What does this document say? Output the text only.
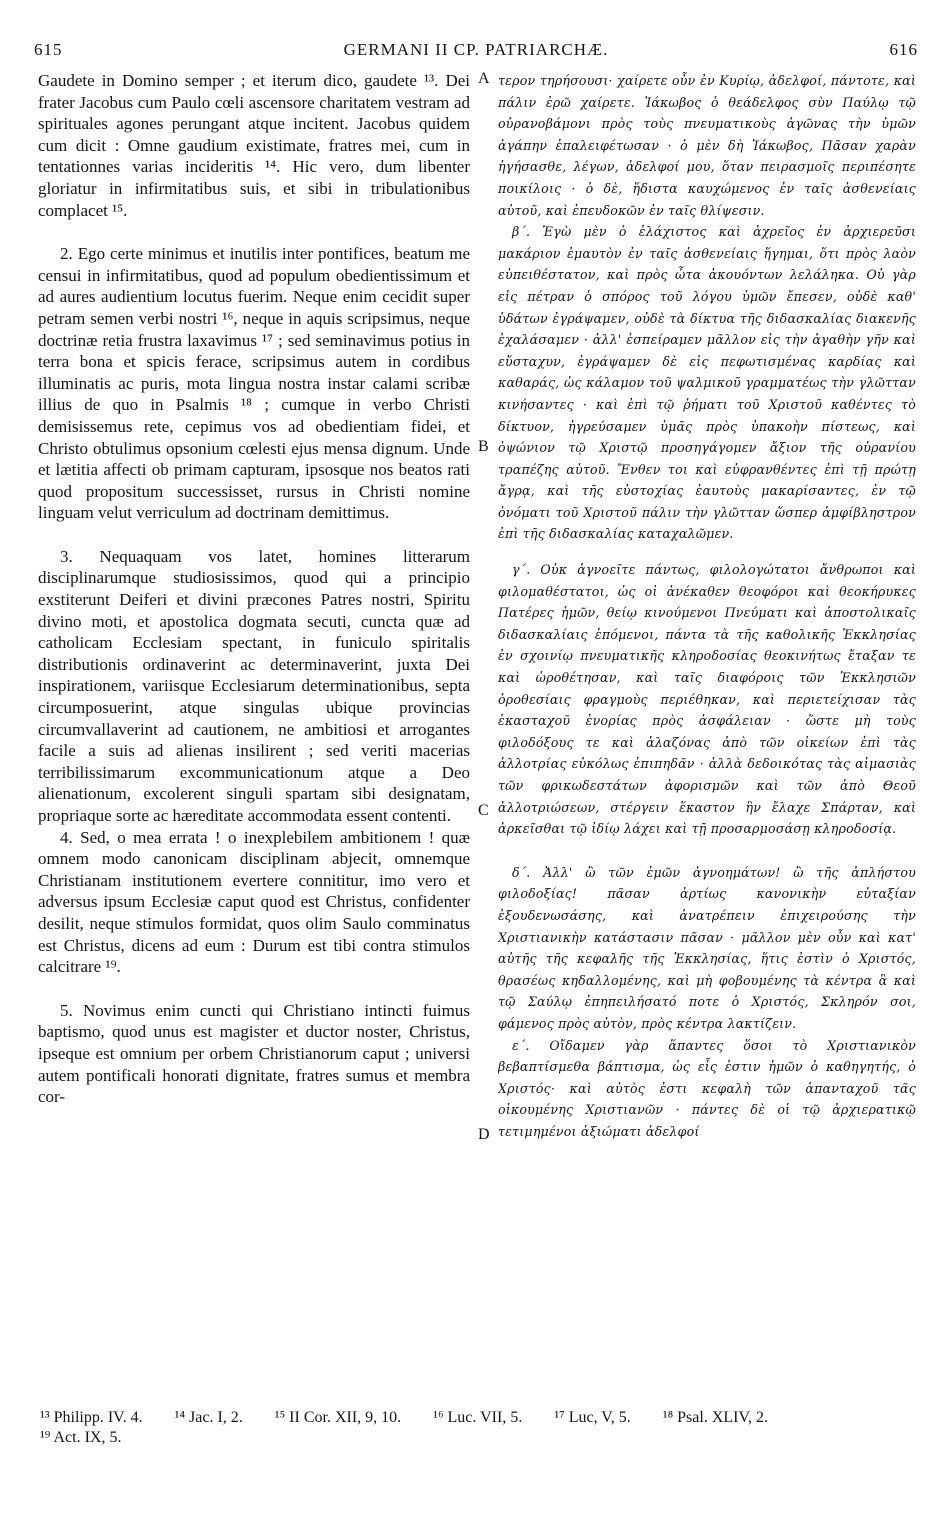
615	GERMANI II CP. PATRIARCHÆ.	616

Gaudete in Domino semper ; et iterum dico, gaudete ¹³. Dei frater Jacobus cum Paulo cœli ascensore charitatem vestram ad spirituales agones perungant atque incitent. Jacobus quidem cum dicit : Omne gaudium existimate, fratres mei, cum in tentationnes varias incideritis ¹⁴. Hic vero, dum libenter gloriatur in infirmitatibus suis, et sibi in tribulationibus complacet ¹⁵.

2. Ego certe minimus et inutilis inter pontifices, beatum me censui in infirmitatibus, quod ad populum obedientissimum et ad aures audientium locutus fuerim. Neque enim cecidit super petram semen verbi nostri ¹⁶, neque in aquis scripsimus, neque doctrinæ retia frustra laxavimus ¹⁷ ; sed seminavimus potius in terra bona et spicis ferace, scripsimus autem in cordibus illuminatis ac puris, mota lingua nostra instar calami scribæ illius de quo in Psalmis ¹⁸ ; cumque in verbo Christi demisissemus rete, cepimus vos ad obedientiam fidei, et Christo obtulimus opsonium cœlesti ejus mensa dignum. Unde et lætitia affecti ob primam capturam, ipsosque nos beatos rati quod propositum successisset, rursus in Christi nomine linguam velut verriculum ad doctrinam demittimus.

3. Nequaquam vos latet, homines litterarum disciplinarumque studiosissimos, quod qui a principio exstiterunt Deiferi et divini præcones Patres nostri, Spiritu divino moti, et apostolica dogmata secuti, cuncta quæ ad catholicam Ecclesiam spectant, in funiculo spiritalis distributionis ordinaverint ac determinaverint, juxta Dei inspirationem, variisque Ecclesiarum determinationibus, septa circumposuerint, atque singulas ubique provincias circumvallaverint ad cautionem, ne ambitiosi et arrogantes facile a suis ad alienas insilirent ; sed veriti macerias terribilissimarum excommunicationum atque a Deo alienationum, excolerent singuli spartam sibi designatam, propriaque sorte ac hæreditate accommodata essent contenti.

4. Sed, o mea errata ! o inexplebilem ambitionem ! quæ omnem modo canonicam disciplinam abjecit, omnemque Christianam institutionem evertere connititur, imo vero et adversus ipsum Ecclesiæ caput quod est Christus, confidenter desilit, neque stimulos formidat, quos olim Saulo comminatus est Christus, dicens ad eum : Durum est tibi contra stimulos calcitrare ¹⁹.

5. Novimus enim cuncti qui Christiano intincti fuimus baptismo, quod unus est magister et ductor noster, Christus, ipseque est omnium per orbem Christianorum caput ; universi autem pontificali honorati dignitate, fratres sumus et membra cor-

A
B
C
D

τερον τηρήσουσι· χαίρετε οὖν ἐν Κυρίῳ, ἀδελφοί, πάντοτε, καὶ πάλιν ἐρῶ χαίρετε. Ἰάκωβος ὁ θεάδελφος σὺν Παύλῳ τῷ οὐρανοβάμονι πρὸς τοὺς πνευματικοὺς ἀγῶνας τὴν ὑμῶν ἀγάπην ἐπαλειφέτωσαν · ὁ μὲν δὴ Ἰάκωβος, Πᾶσαν χαρὰν ἡγήσασθε, λέγων, ἀδελφοί μου, ὅταν πειρασμοῖς περιπέσητε ποικίλοις · ὁ δὲ, ἥδιστα καυχώμενος ἐν ταῖς ἀσθενείαις αὐτοῦ, καὶ ἐπευδοκῶν ἐν ταῖς θλίψεσιν.

β΄. Ἐγὼ μὲν ὁ ἐλάχιστος καὶ ἀχρεῖος ἐν ἀρχιερεῦσι μακάριον ἐμαυτὸν ἐν ταῖς ἀσθενείαις ἥγημαι, ὅτι πρὸς λαὸν εὐπειθέστατον, καὶ πρὸς ὦτα ἀκουόντων λελάληκα. Οὐ γὰρ εἰς πέτραν ὁ σπόρος τοῦ λόγου ὑμῶν ἔπεσεν, οὐδὲ καθ' ὑδάτων ἐγράψαμεν, οὐδὲ τὰ δίκτυα τῆς διδασκαλίας διακενῆς ἐχαλάσαμεν · ἀλλ' ἐσπείραμεν μᾶλλον εἰς τὴν ἀγαθὴν γῆν καὶ εὔσταχυν, ἐγράψαμεν δὲ εἰς πεφωτισμένας καρδίας καὶ καθαράς, ὡς κάλαμον τοῦ ψαλμικοῦ γραμματέως τὴν γλῶτταν κινήσαντες · καὶ ἐπὶ τῷ ῥήματι τοῦ Χριστοῦ καθέντες τὸ δίκτυον, ἠγρεύσαμεν ὑμᾶς πρὸς ὑπακοὴν πίστεως, καὶ ὀψώνιον τῷ Χριστῷ προσηγάγομεν ἄξιον τῆς οὐρανίου τραπέζης αὐτοῦ. Ἔνθεν τοι καὶ εὐφρανθέντες ἐπὶ τῇ πρώτῃ ἄγρᾳ, καὶ τῆς εὐστοχίας ἑαυτοὺς μακαρίσαντες, ἐν τῷ ὀνόματι τοῦ Χριστοῦ πάλιν τὴν γλῶτταν ὥσπερ ἀμφίβληστρον ἐπὶ τῆς διδασκαλίας καταχαλῶμεν.

γ΄. Οὐκ ἀγνοεῖτε πάντως, φιλολογώτατοι ἄνθρωποι καὶ φιλομαθέστατοι, ὡς οἱ ἀνέκαθεν θεοφόροι καὶ θεοκήρυκες Πατέρες ἡμῶν, θείῳ κινούμενοι Πνεύματι καὶ ἀποστολικαῖς διδασκαλίαις ἑπόμενοι, πάντα τὰ τῆς καθολικῆς Ἐκκλησίας ἐν σχοινίῳ πνευματικῆς κληροδοσίας θεοκινήτως ἔταξαν τε καὶ ὡροθέτησαν, καὶ ταῖς διαφόροις τῶν Ἐκκλησιῶν ὁροθεσίαις φραγμοὺς περιέθηκαν, καὶ περιετείχισαν τὰς ἑκασταχοῦ ἐνορίας πρὸς ἀσφάλειαν · ὥστε μὴ τοὺς φιλοδόξους τε καὶ ἀλαζόνας ἀπὸ τῶν οἰκείων ἐπὶ τὰς ἀλλοτρίας εὐκόλως ἐπιπηδᾶν · ἀλλὰ δεδοικότας τὰς αἱμασιὰς τῶν φρικωδεστάτων ἀφορισμῶν καὶ τῶν ἀπὸ Θεοῦ ἀλλοτριώσεων, στέργειν ἕκαστον ἣν ἔλαχε Σπάρταν, καὶ ἀρκεῖσθαι τῷ ἰδίῳ λάχει καὶ τῇ προσαρμοσάσῃ κληροδοσίᾳ.

δ΄. Ἀλλ' ὢ τῶν ἐμῶν ἀγνοημάτων! ὢ τῆς ἀπλήστου φιλοδοξίας! πᾶσαν ἀρτίως κανονικὴν εὐταξίαν ἐξουδενωσάσης, καὶ ἀνατρέπειν ἐπιχειρούσης τὴν Χριστιανικὴν κατάστασιν πᾶσαν · μᾶλλον μὲν οὖν καὶ κατ' αὐτῆς τῆς κεφαλῆς τῆς Ἐκκλησίας, ἥτις ἐστὶν ὁ Χριστός, θρασέως κηδαλλομένης, καὶ μὴ φοβουμένης τὰ κέντρα ἃ καὶ τῷ Σαύλῳ ἐπηπειλήσατό ποτε ὁ Χριστός, Σκληρόν σοι, φάμενος πρὸς αὐτὸν, πρὸς κέντρα λακτίζειν.

ε΄. Οἴδαμεν γὰρ ἅπαντες ὅσοι τὸ Χριστιανικὸν βεβαπτίσμεθα βάπτισμα, ὡς εἷς ἐστιν ἡμῶν ὁ καθηγητής, ὁ Χριστός· καὶ αὐτὸς ἐστι κεφαλὴ τῶν ἁπανταχοῦ τᾶς οἰκουμένης Χριστιανῶν · πάντες δὲ οἱ τῷ ἀρχιερατικῷ τετιμημένοι ἀξιώματι ἀδελφοί

¹³ Philipp. IV. 4. ¹⁴ Jac. I, 2. ¹⁵ II Cor. XII, 9, 10. ¹⁶ Luc. VII, 5. ¹⁷ Luc, V, 5. ¹⁸ Psal. XLIV, 2.
¹⁹ Act. IX, 5.
